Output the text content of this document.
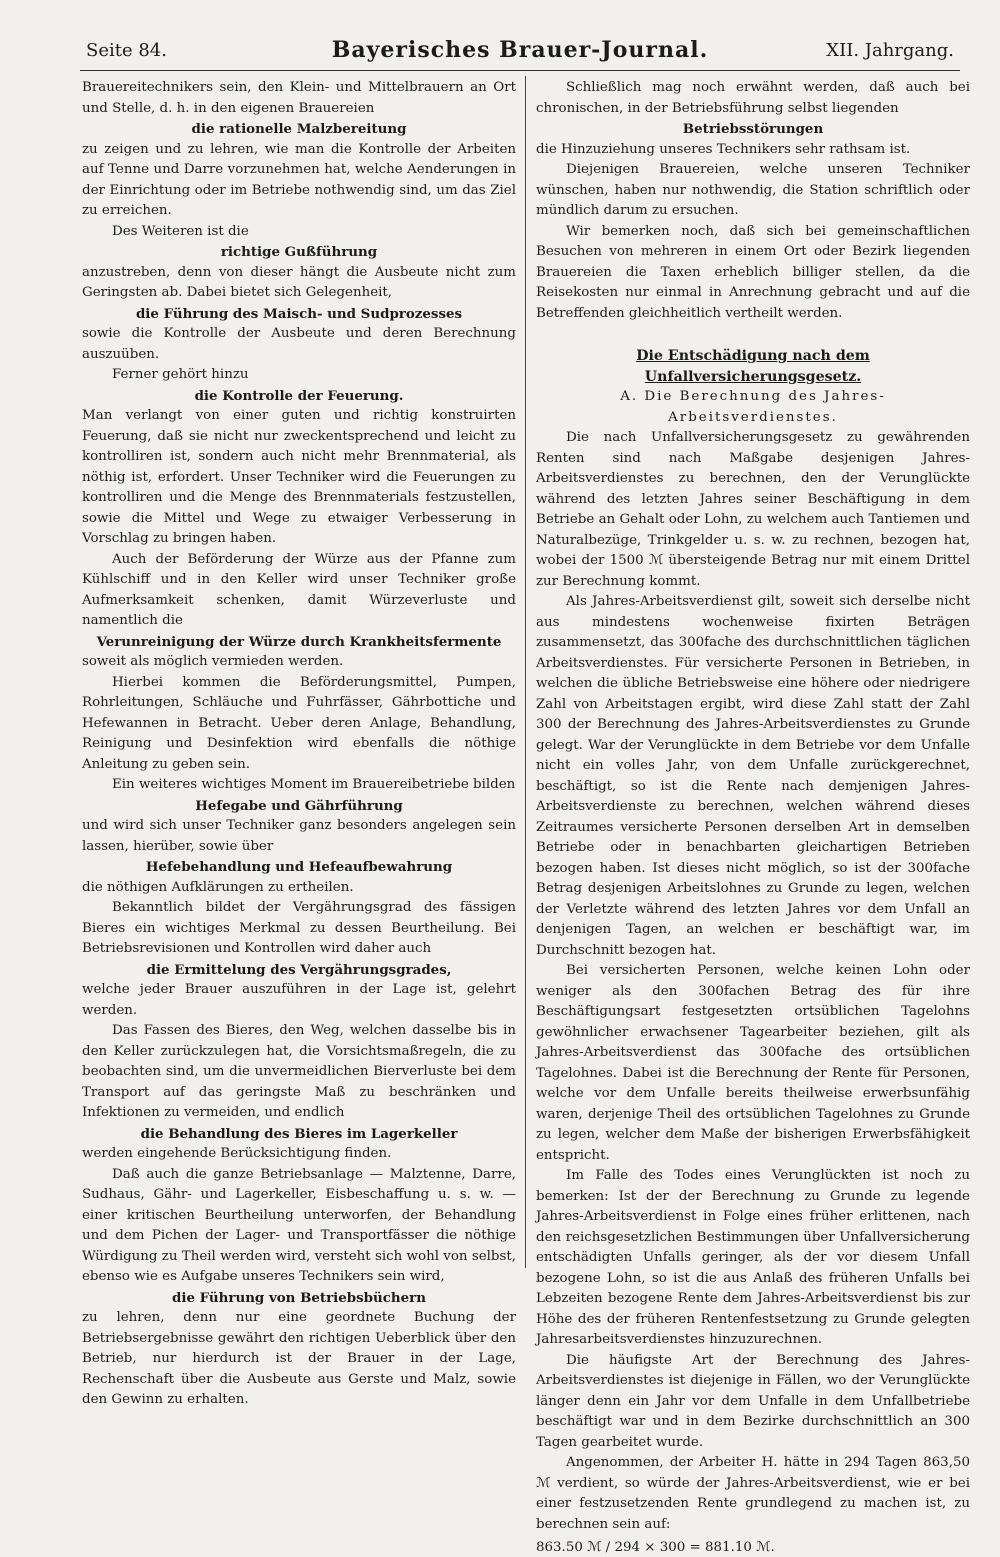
Seite 84.	Bayerisches Brauer-Journal.	XII. Jahrgang.

Brauereitechnikers sein, den Klein- und Mittelbrauern an Ort und Stelle, d. h. in den eigenen Brauereien

die rationelle Malzbereitung

zu zeigen und zu lehren, wie man die Kontrolle der Arbeiten auf Tenne und Darre vorzunehmen hat, welche Aenderungen in der Einrichtung oder im Betriebe nothwendig sind, um das Ziel zu erreichen.

Des Weiteren ist die

richtige Gußführung

anzustreben, denn von dieser hängt die Ausbeute nicht zum Geringsten ab. Dabei bietet sich Gelegenheit,

die Führung des Maisch- und Sudprozesses

sowie die Kontrolle der Ausbeute und deren Berechnung auszuüben.

Ferner gehört hinzu

die Kontrolle der Feuerung.

Man verlangt von einer guten und richtig konstruirten Feuerung, daß sie nicht nur zweckentsprechend und leicht zu kontrolliren ist, sondern auch nicht mehr Brennmaterial, als nöthig ist, erfordert. Unser Techniker wird die Feuerungen zu kontrolliren und die Menge des Brennmaterials festzustellen, sowie die Mittel und Wege zu etwaiger Verbesserung in Vorschlag zu bringen haben.

Auch der Beförderung der Würze aus der Pfanne zum Kühlschiff und in den Keller wird unser Techniker große Aufmerksamkeit schenken, damit Würzeverluste und namentlich die

Verunreinigung der Würze durch Krankheitsfermente

soweit als möglich vermieden werden.

Hierbei kommen die Beförderungsmittel, Pumpen, Rohrleitungen, Schläuche und Fuhrfässer, Gährbottiche und Hefewannen in Betracht. Ueber deren Anlage, Behandlung, Reinigung und Desinfektion wird ebenfalls die nöthige Anleitung zu geben sein.

Ein weiteres wichtiges Moment im Brauereibetriebe bilden

Hefegabe und Gährführung

und wird sich unser Techniker ganz besonders angelegen sein lassen, hierüber, sowie über

Hefebehandlung und Hefeaufbewahrung

die nöthigen Aufklärungen zu ertheilen.

Bekanntlich bildet der Vergährungsgrad des fässigen Bieres ein wichtiges Merkmal zu dessen Beurtheilung. Bei Betriebsrevisionen und Kontrollen wird daher auch

die Ermittelung des Vergährungsgrades,

welche jeder Brauer auszuführen in der Lage ist, gelehrt werden.

Das Fassen des Bieres, den Weg, welchen dasselbe bis in den Keller zurückzulegen hat, die Vorsichtsmaßregeln, die zu beobachten sind, um die unvermeidlichen Bierverluste bei dem Transport auf das geringste Maß zu beschränken und Infektionen zu vermeiden, und endlich

die Behandlung des Bieres im Lagerkeller

werden eingehende Berücksichtigung finden.

Daß auch die ganze Betriebsanlage — Malztenne, Darre, Sudhaus, Gähr- und Lagerkeller, Eisbeschaffung u. s. w. — einer kritischen Beurtheilung unterworfen, der Behandlung und dem Pichen der Lager- und Transportfässer die nöthige Würdigung zu Theil werden wird, versteht sich wohl von selbst, ebenso wie es Aufgabe unseres Technikers sein wird,

die Führung von Betriebsbüchern

zu lehren, denn nur eine geordnete Buchung der Betriebsergebnisse gewährt den richtigen Ueberblick über den Betrieb, nur hierdurch ist der Brauer in der Lage, Rechenschaft über die Ausbeute aus Gerste und Malz, sowie den Gewinn zu erhalten.

Schließlich mag noch erwähnt werden, daß auch bei chronischen, in der Betriebsführung selbst liegenden

Betriebsstörungen

die Hinzuziehung unseres Technikers sehr rathsam ist.

Diejenigen Brauereien, welche unseren Techniker wünschen, haben nur nothwendig, die Station schriftlich oder mündlich darum zu ersuchen.

Wir bemerken noch, daß sich bei gemeinschaftlichen Besuchen von mehreren in einem Ort oder Bezirk liegenden Brauereien die Taxen erheblich billiger stellen, da die Reisekosten nur einmal in Anrechnung gebracht und auf die Betreffenden gleichheitlich vertheilt werden.

Die Entschädigung nach dem Unfallversicherungsgesetz.

A. Die Berechnung des Jahres-Arbeitsverdienstes.

Die nach Unfallversicherungsgesetz zu gewährenden Renten sind nach Maßgabe desjenigen Jahres-Arbeitsverdienstes zu berechnen, den der Verunglückte während des letzten Jahres seiner Beschäftigung in dem Betriebe an Gehalt oder Lohn, zu welchem auch Tantiemen und Naturalbezüge, Trinkgelder u. s. w. zu rechnen, bezogen hat, wobei der 1500 ℳ übersteigende Betrag nur mit einem Drittel zur Berechnung kommt.

Als Jahres-Arbeitsverdienst gilt, soweit sich derselbe nicht aus mindestens wochenweise fixirten Beträgen zusammensetzt, das 300fache des durchschnittlichen täglichen Arbeitsverdienstes. Für versicherte Personen in Betrieben, in welchen die übliche Betriebsweise eine höhere oder niedrigere Zahl von Arbeitstagen ergibt, wird diese Zahl statt der Zahl 300 der Berechnung des Jahres-Arbeitsverdienstes zu Grunde gelegt. War der Verunglückte in dem Betriebe vor dem Unfalle nicht ein volles Jahr, von dem Unfalle zurückgerechnet, beschäftigt, so ist die Rente nach demjenigen Jahres-Arbeitsverdienste zu berechnen, welchen während dieses Zeitraumes versicherte Personen derselben Art in demselben Betriebe oder in benachbarten gleichartigen Betrieben bezogen haben. Ist dieses nicht möglich, so ist der 300fache Betrag desjenigen Arbeitslohnes zu Grunde zu legen, welchen der Verletzte während des letzten Jahres vor dem Unfall an denjenigen Tagen, an welchen er beschäftigt war, im Durchschnitt bezogen hat.

Bei versicherten Personen, welche keinen Lohn oder weniger als den 300fachen Betrag des für ihre Beschäftigungsart festgesetzten ortsüblichen Tagelohns gewöhnlicher erwachsener Tagearbeiter beziehen, gilt als Jahres-Arbeitsverdienst das 300fache des ortsüblichen Tagelohnes. Dabei ist die Berechnung der Rente für Personen, welche vor dem Unfalle bereits theilweise erwerbsunfähig waren, derjenige Theil des ortsüblichen Tagelohnes zu Grunde zu legen, welcher dem Maße der bisherigen Erwerbsfähigkeit entspricht.

Im Falle des Todes eines Verunglückten ist noch zu bemerken: Ist der der Berechnung zu Grunde zu legende Jahres-Arbeitsverdienst in Folge eines früher erlittenen, nach den reichsgesetzlichen Bestimmungen über Unfallversicherung entschädigten Unfalls geringer, als der vor diesem Unfall bezogene Lohn, so ist die aus Anlaß des früheren Unfalls bei Lebzeiten bezogene Rente dem Jahres-Arbeitsverdienst bis zur Höhe des der früheren Rentenfestsetzung zu Grunde gelegten Jahresarbeitsverdienstes hinzuzurechnen.

Die häufigste Art der Berechnung des Jahres-Arbeitsverdienstes ist diejenige in Fällen, wo der Verunglückte länger denn ein Jahr vor dem Unfalle in dem Unfallbetriebe beschäftigt war und in dem Bezirke durchschnittlich an 300 Tagen gearbeitet wurde.

Angenommen, der Arbeiter H. hätte in 294 Tagen 863,50 ℳ verdient, so würde der Jahres-Arbeitsverdienst, wie er bei einer festzusetzenden Rente grundlegend zu machen ist, zu berechnen sein auf:

863.50 ℳ / 294 × 300 = 881.10 ℳ.
